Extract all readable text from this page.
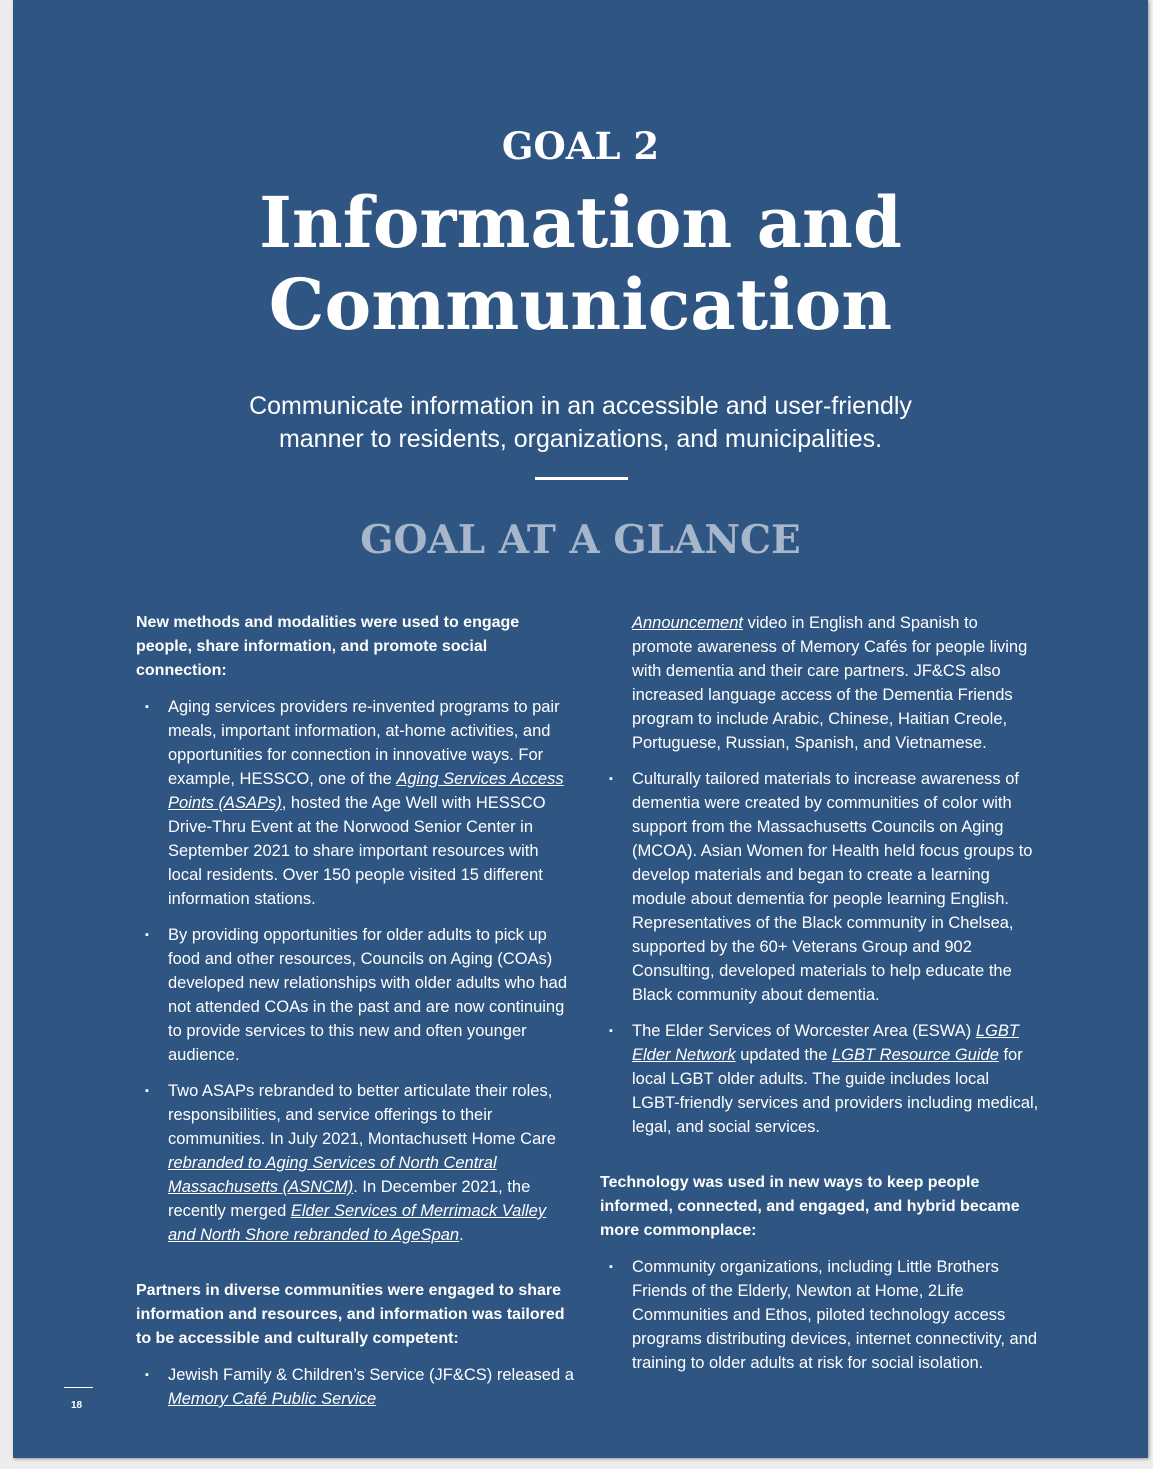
GOAL 2
Information and
Communication
Communicate information in an accessible and user-friendly
manner to residents, organizations, and municipalities.
GOAL AT A GLANCE
New methods and modalities were used to engage people, share information, and promote social connection:
▪ Aging services providers re-invented programs to pair meals, important information, at-home activities, and opportunities for connection in innovative ways. For example, HESSCO, one of the Aging Services Access Points (ASAPs), hosted the Age Well with HESSCO Drive-Thru Event at the Norwood Senior Center in September 2021 to share important resources with local residents. Over 150 people visited 15 different information stations.
▪ By providing opportunities for older adults to pick up food and other resources, Councils on Aging (COAs) developed new relationships with older adults who had not attended COAs in the past and are now continuing to provide services to this new and often younger audience.
▪ Two ASAPs rebranded to better articulate their roles, responsibilities, and service offerings to their communities. In July 2021, Montachusett Home Care rebranded to Aging Services of North Central Massachusetts (ASNCM). In December 2021, the recently merged Elder Services of Merrimack Valley and North Shore rebranded to AgeSpan.
Partners in diverse communities were engaged to share information and resources, and information was tailored to be accessible and culturally competent:
▪ Jewish Family & Children’s Service (JF&CS) released a Memory Café Public Service
Announcement video in English and Spanish to promote awareness of Memory Cafés for people living with dementia and their care partners. JF&CS also increased language access of the Dementia Friends program to include Arabic, Chinese, Haitian Creole, Portuguese, Russian, Spanish, and Vietnamese.
▪ Culturally tailored materials to increase awareness of dementia were created by communities of color with support from the Massachusetts Councils on Aging (MCOA). Asian Women for Health held focus groups to develop materials and began to create a learning module about dementia for people learning English. Representatives of the Black community in Chelsea, supported by the 60+ Veterans Group and 902 Consulting, developed materials to help educate the Black community about dementia.
▪ The Elder Services of Worcester Area (ESWA) LGBT Elder Network updated the LGBT Resource Guide for local LGBT older adults. The guide includes local LGBT-friendly services and providers including medical, legal, and social services.
Technology was used in new ways to keep people informed, connected, and engaged, and hybrid became more commonplace:
▪ Community organizations, including Little Brothers Friends of the Elderly, Newton at Home, 2Life Communities and Ethos, piloted technology access programs distributing devices, internet connectivity, and training to older adults at risk for social isolation.
18
